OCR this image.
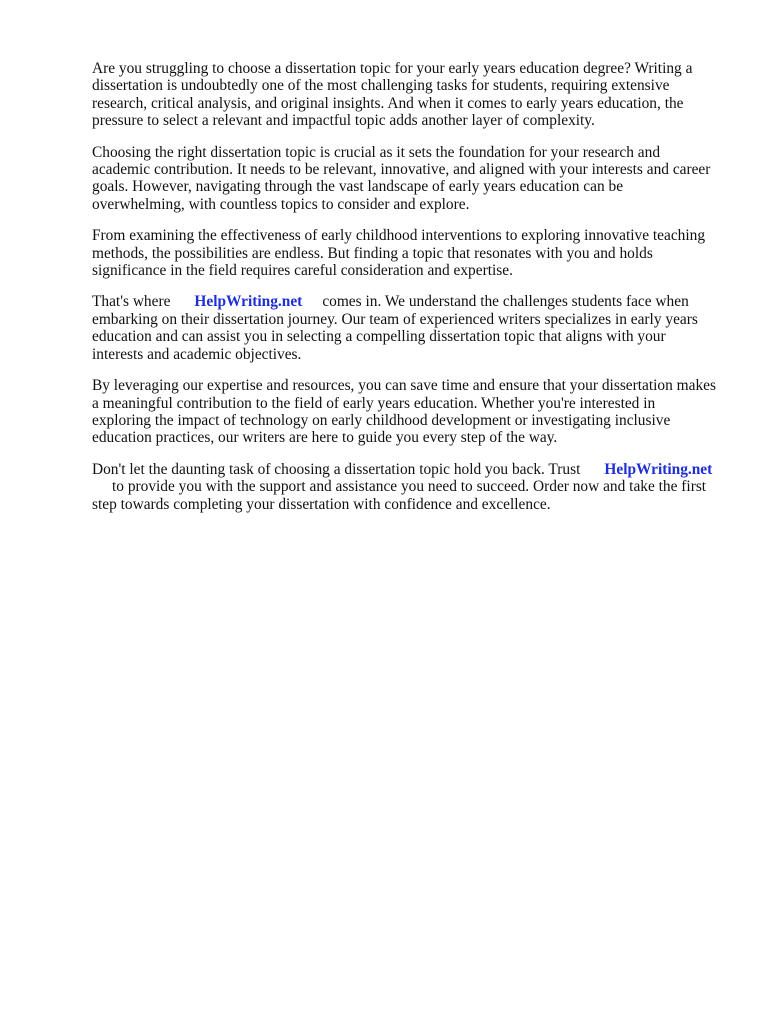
Are you struggling to choose a dissertation topic for your early years education degree? Writing a
dissertation is undoubtedly one of the most challenging tasks for students, requiring extensive
research, critical analysis, and original insights. And when it comes to early years education, the
pressure to select a relevant and impactful topic adds another layer of complexity.

Choosing the right dissertation topic is crucial as it sets the foundation for your research and
academic contribution. It needs to be relevant, innovative, and aligned with your interests and career
goals. However, navigating through the vast landscape of early years education can be
overwhelming, with countless topics to consider and explore.

From examining the effectiveness of early childhood interventions to exploring innovative teaching
methods, the possibilities are endless. But finding a topic that resonates with you and holds
significance in the field requires careful consideration and expertise.

That's where HelpWriting.net comes in. We understand the challenges students face when
embarking on their dissertation journey. Our team of experienced writers specializes in early years
education and can assist you in selecting a compelling dissertation topic that aligns with your
interests and academic objectives.

By leveraging our expertise and resources, you can save time and ensure that your dissertation makes
a meaningful contribution to the field of early years education. Whether you're interested in
exploring the impact of technology on early childhood development or investigating inclusive
education practices, our writers are here to guide you every step of the way.

Don't let the daunting task of choosing a dissertation topic hold you back. Trust HelpWriting.net
to provide you with the support and assistance you need to succeed. Order now and take the first
step towards completing your dissertation with confidence and excellence.
